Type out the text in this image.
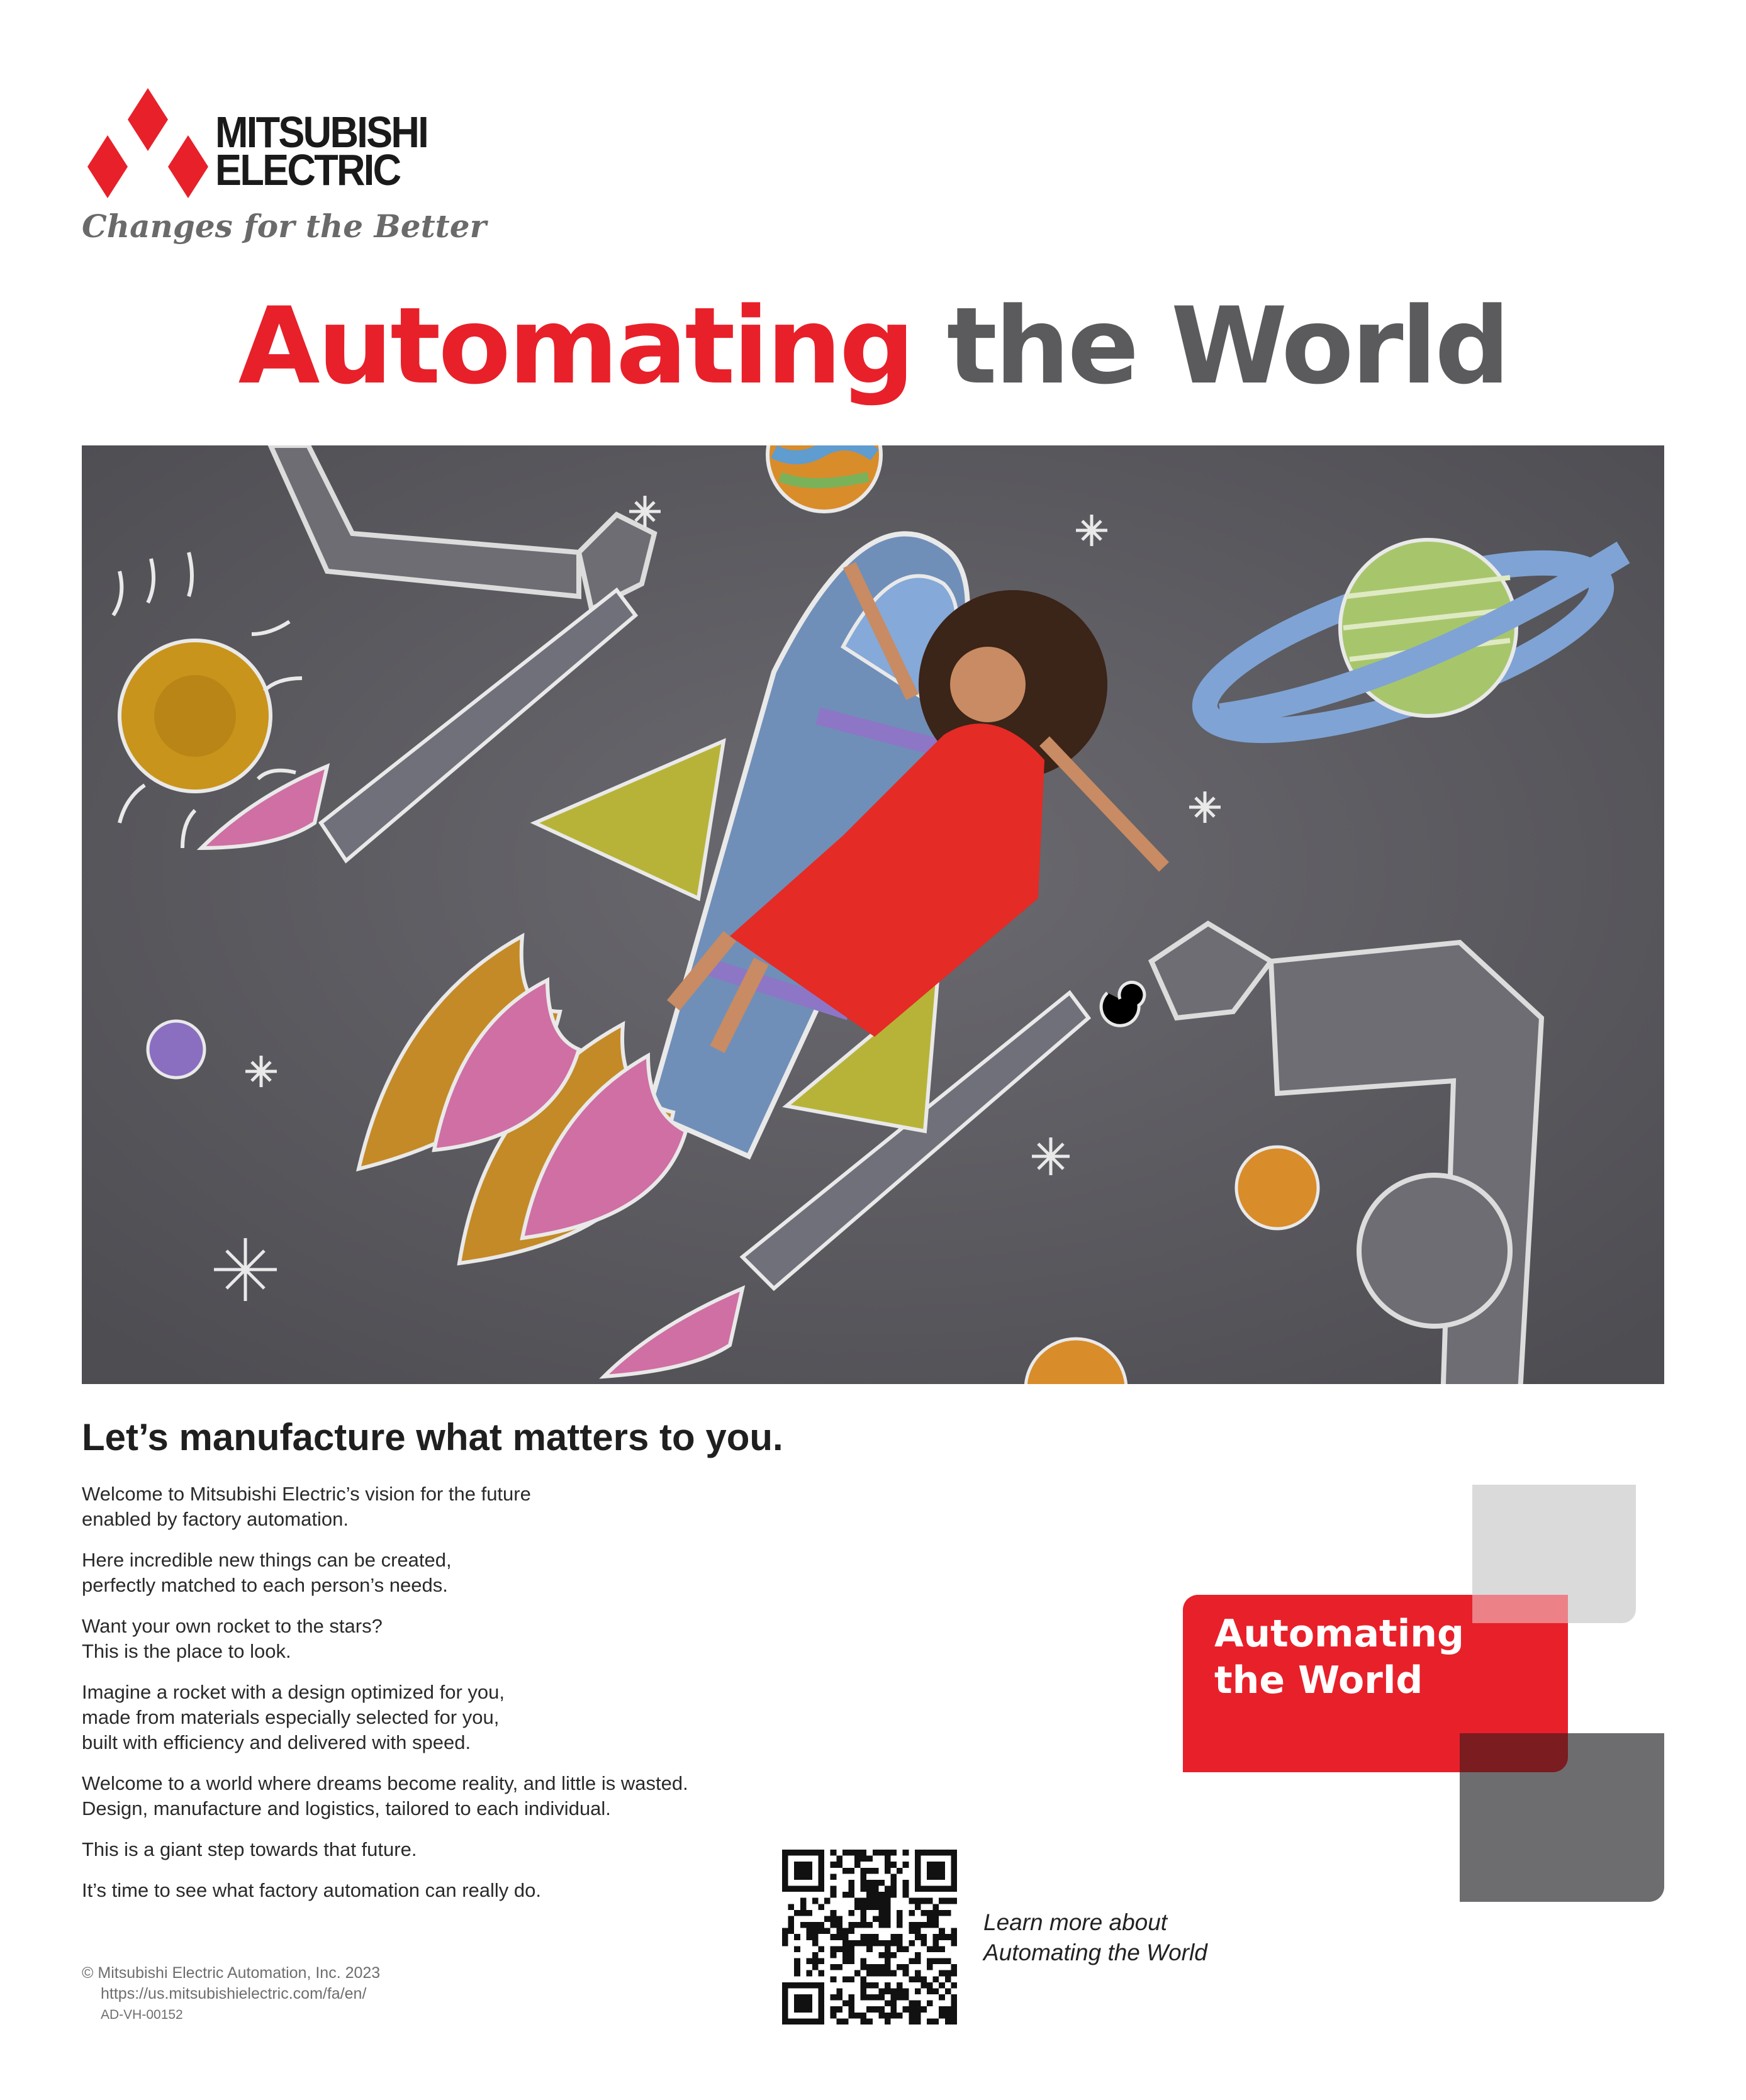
MITSUBISHI
ELECTRIC
Changes for the Better
Automating the World
Let’s manufacture what matters to you.

Welcome to Mitsubishi Electric’s vision for the future
enabled by factory automation.

Here incredible new things can be created,
perfectly matched to each person’s needs.

Want your own rocket to the stars?
This is the place to look.

Imagine a rocket with a design optimized for you,
made from materials especially selected for you,
built with efficiency and delivered with speed.

Welcome to a world where dreams become reality, and little is wasted.
Design, manufacture and logistics, tailored to each individual.

This is a giant step towards that future.

It’s time to see what factory automation can really do.

© Mitsubishi Electric Automation, Inc. 2023
https://us.mitsubishielectric.com/fa/en/
AD-VH-00152
Learn more about
Automating the World
Automating
the World
